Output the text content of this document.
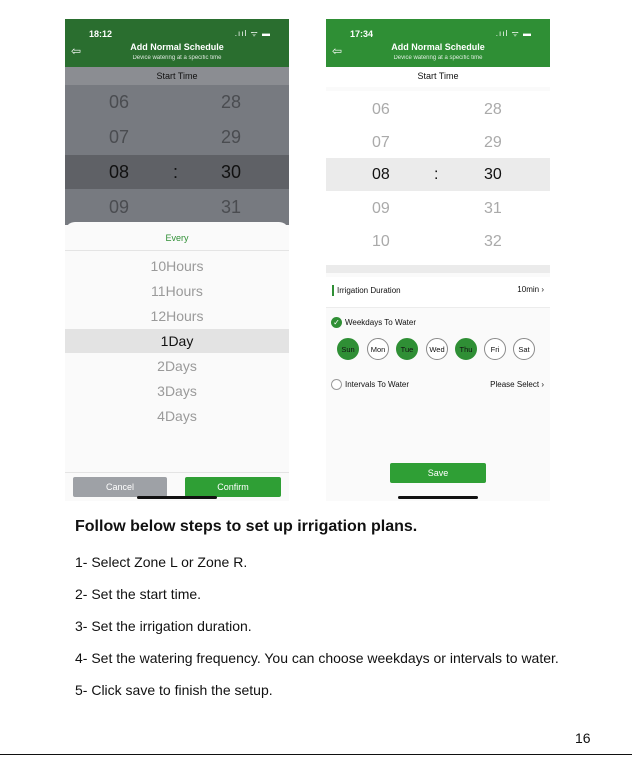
18:12	.ııl ᯤ ▬
⇦	Add Normal Schedule
Device watering at a specific time
Start Time
06	28
07	29
08 : 30
09	31
Every
10Hours
11Hours
12Hours
1Day
2Days
3Days
4Days
Cancel	Confirm
17:34	.ııl ᯤ ▬
⇦	Add Normal Schedule
Device watering at a specific time
Start Time
06	28
07	29
08	:	30
09	31
10	32
Irrigation Duration	10min ›
✓ Weekdays To Water
Sun	Mon	Tue	Wed	Thu	Fri	Sat
Intervals To Water	Please Select ›
Save
Follow below steps to set up irrigation plans.
1- Select Zone L or Zone R.
2- Set the start time.
3- Set the irrigation duration.
4- Set the watering frequency. You can choose weekdays or intervals to water.
5- Click save to finish the setup.
16
